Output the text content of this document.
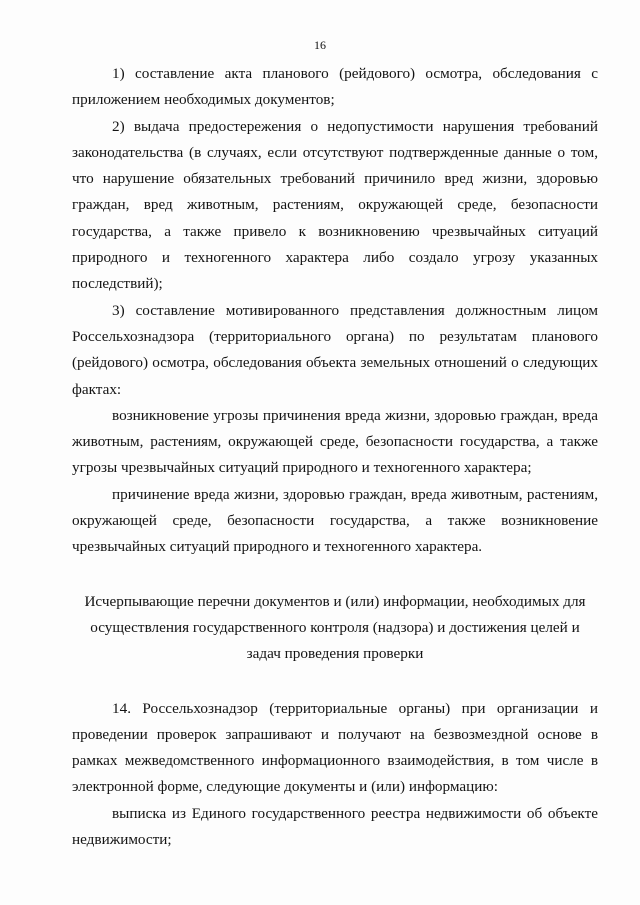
16

1) составление акта планового (рейдового) осмотра, обследования с приложением необходимых документов;

2) выдача предостережения о недопустимости нарушения требований законодательства (в случаях, если отсутствуют подтвержденные данные о том, что нарушение обязательных требований причинило вред жизни, здоровью граждан, вред животным, растениям, окружающей среде, безопасности государства, а также привело к возникновению чрезвычайных ситуаций природного и техногенного характера либо создало угрозу указанных последствий);

3) составление мотивированного представления должностным лицом Россельхознадзора (территориального органа) по результатам планового (рейдового) осмотра, обследования объекта земельных отношений о следующих фактах:

возникновение угрозы причинения вреда жизни, здоровью граждан, вреда животным, растениям, окружающей среде, безопасности государства, а также угрозы чрезвычайных ситуаций природного и техногенного характера;

причинение вреда жизни, здоровью граждан, вреда животным, растениям, окружающей среде, безопасности государства, а также возникновение чрезвычайных ситуаций природного и техногенного характера.

Исчерпывающие перечни документов и (или) информации, необходимых для
осуществления государственного контроля (надзора) и достижения целей и
задач проведения проверки

14. Россельхознадзор (территориальные органы) при организации и проведении проверок запрашивают и получают на безвозмездной основе в рамках межведомственного информационного взаимодействия, в том числе в электронной форме, следующие документы и (или) информацию:

выписка из Единого государственного реестра недвижимости об объекте недвижимости;
